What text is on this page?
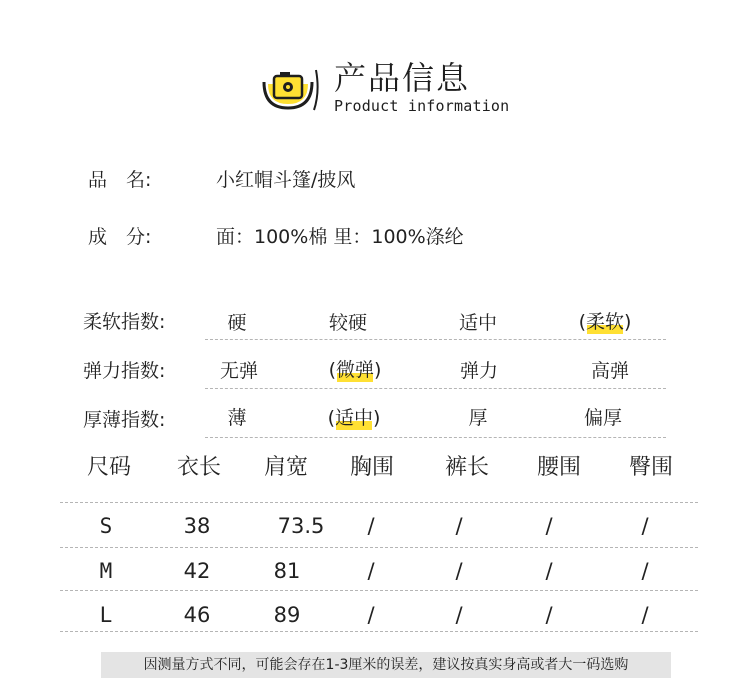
产品信息
Product information
品　名:	小红帽斗篷/披风
成　分:	面：100%棉 里：100%涤纶
柔软指数:	硬	较硬	适中	(柔软)
弹力指数:	无弹	(微弹)	弹力	高弹
厚薄指数:	薄	(适中)	厚	偏厚
尺码	衣长	肩宽	胸围	裤长	腰围	臀围
S	38	73.5	/	/	/	/
M	42	81	/	/	/	/
L	46	89	/	/	/	/
因测量方式不同，可能会存在1-3厘米的误差，建议按真实身高或者大一码选购
